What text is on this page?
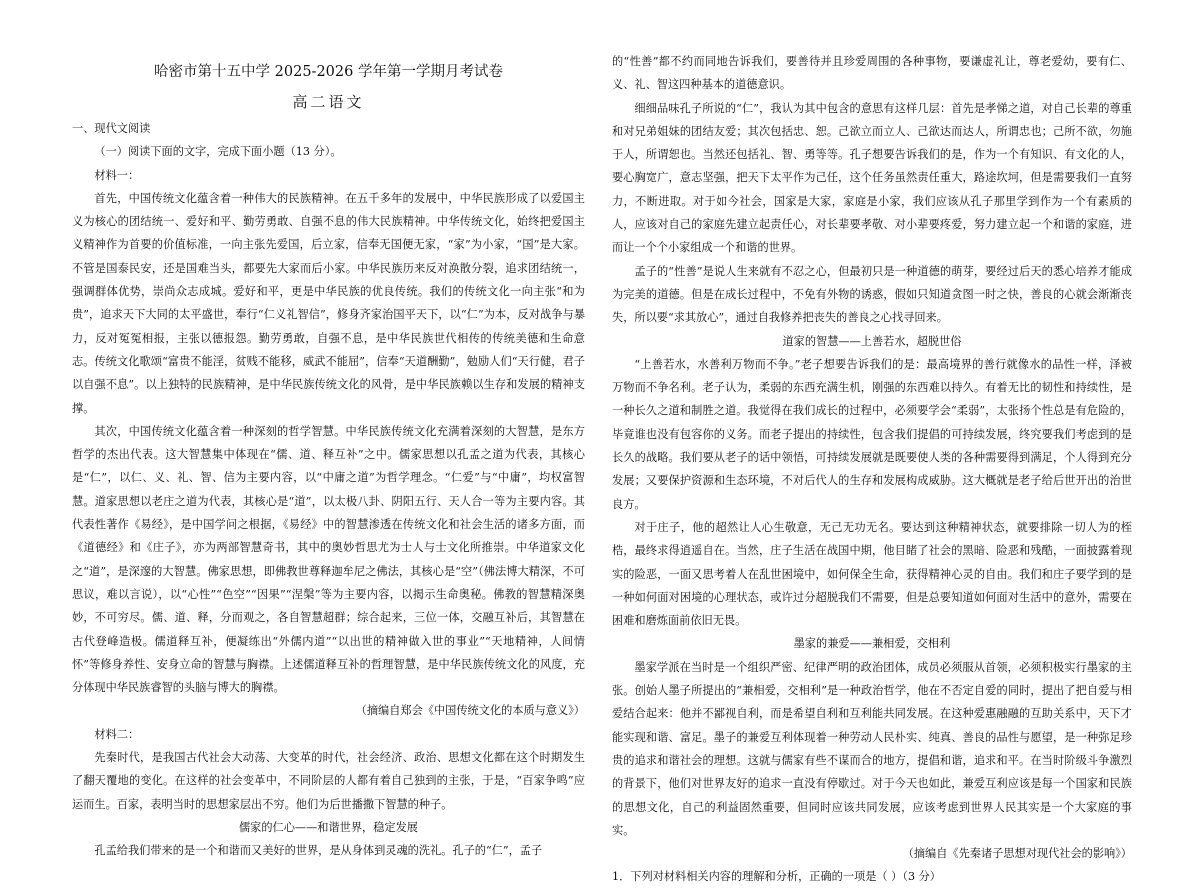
哈密市第十五中学 2025-2026 学年第一学期月考试卷
高二语文
一、现代文阅读

（一）阅读下面的文字，完成下面小题（13 分）。

材料一：

首先，中国传统文化蕴含着一种伟大的民族精神。在五千多年的发展中，中华民族形成了以爱国主义为核心的团结统一、爱好和平、勤劳勇敢、自强不息的伟大民族精神。中华传统文化，始终把爱国主义精神作为首要的价值标准，一向主张先爱国，后立家，信奉无国便无家，“家”为小家，“国”是大家。不管是国泰民安，还是国难当头，都要先大家而后小家。中华民族历来反对涣散分裂，追求团结统一，强调群体优势，崇尚众志成城。爱好和平，更是中华民族的优良传统。我们的传统文化一向主张“和为贵”，追求天下大同的太平盛世，奉行“仁义礼智信”，修身齐家治国平天下，以“仁”为本，反对战争与暴力，反对冤冤相报，主张以德报怨。勤劳勇敢，自强不息，是中华民族世代相传的传统美德和生命意志。传统文化歌颂“富贵不能淫，贫贱不能移，威武不能屈”，信奉“天道酬勤”，勉励人们“天行健，君子以自强不息”。以上独特的民族精神，是中华民族传统文化的风骨，是中华民族赖以生存和发展的精神支撑。

其次，中国传统文化蕴含着一种深刻的哲学智慧。中华民族传统文化充满着深刻的大智慧，是东方哲学的杰出代表。这大智慧集中体现在“儒、道、释互补”之中。儒家思想以孔孟之道为代表，其核心是“仁”，以仁、义、礼、智、信为主要内容，以“中庸之道”为哲学理念。“仁爱”与“中庸”，均权富智慧。道家思想以老庄之道为代表，其核心是“道”，以太极八卦、阴阳五行、天人合一等为主要内容。其代表性著作《易经》，是中国学问之根据，《易经》中的智慧渗透在传统文化和社会生活的诸多方面，而《道德经》和《庄子》，亦为两部智慧奇书，其中的奥妙哲思尤为士人与士文化所推崇。中华道家文化之“道”，是深邃的大智慧。佛家思想，即佛教世尊释迦牟尼之佛法，其核心是“空”（佛法博大精深，不可思议，难以言说），以“心性”“色空”“因果”“涅槃”等为主要内容，以揭示生命奥秘。佛教的智慧精深奥妙，不可穷尽。儒、道、释，分而观之，各自智慧超群；综合起来，三位一体，交融互补后，其智慧在古代登峰造极。儒道释互补，便凝练出“外儒内道”“以出世的精神做入世的事业”“天地精神，人间情怀”等修身养性、安身立命的智慧与胸襟。上述儒道释互补的哲理智慧，是中华民族传统文化的风度，充分体现中华民族睿智的头脑与博大的胸襟。

（摘编自郑会《中国传统文化的本质与意义》）

材料二：

先秦时代，是我国古代社会大动荡、大变革的时代，社会经济、政治、思想文化都在这个时期发生了翻天覆地的变化。在这样的社会变革中，不同阶层的人都有着自己独到的主张，于是，“百家争鸣”应运而生。百家，表明当时的思想家层出不穷。他们为后世播撒下智慧的种子。

儒家的仁心——和谐世界，稳定发展

孔孟给我们带来的是一个和谐而又美好的世界，是从身体到灵魂的洗礼。孔子的“仁”，孟子

的“性善”都不约而同地告诉我们，要善待并且珍爱周围的各种事物，要谦虚礼让，尊老爱幼，要有仁、义、礼、智这四种基本的道德意识。

细细品味孔子所说的“仁”，我认为其中包含的意思有这样几层：首先是孝悌之道，对自己长辈的尊重和对兄弟姐妹的团结友爱；其次包括忠、恕。己欲立而立人、己欲达而达人，所谓忠也；己所不欲，勿施于人，所谓恕也。当然还包括礼、智、勇等等。孔子想要告诉我们的是，作为一个有知识、有文化的人，要心胸宽广，意志坚强，把天下太平作为己任，这个任务虽然责任重大，路途坎坷，但是需要我们一直努力，不断进取。对于如今社会，国家是大家，家庭是小家，我们应该从孔子那里学到作为一个有素质的人，应该对自己的家庭先建立起责任心，对长辈要孝敬、对小辈要疼爱，努力建立起一个和谐的家庭，进而让一个个小家组成一个和谐的世界。

孟子的“性善”是说人生来就有不忍之心，但最初只是一种道德的萌芽，要经过后天的悉心培养才能成为完美的道德。但是在成长过程中，不免有外物的诱惑，假如只知道贪图一时之快，善良的心就会渐渐丧失，所以要“求其放心”，通过自我修养把丧失的善良之心找寻回来。

道家的智慧——上善若水，超脱世俗

“上善若水，水善利万物而不争。”老子想要告诉我们的是：最高境界的善行就像水的品性一样，泽被万物而不争名利。老子认为，柔弱的东西充满生机，刚强的东西难以持久。有着无比的韧性和持续性，是一种长久之道和制胜之道。我觉得在我们成长的过程中，必须要学会“柔弱”，太张扬个性总是有危险的，毕竟谁也没有包容你的义务。而老子提出的持续性，包含我们提倡的可持续发展，终究要我们考虑到的是长久的战略。我们要从老子的话中领悟，可持续发展就是既要使人类的各种需要得到满足，个人得到充分发展；又要保护资源和生态环境，不对后代人的生存和发展构成威胁。这大概就是老子给后世开出的治世良方。

对于庄子，他的超然让人心生敬意，无己无功无名。要达到这种精神状态，就要排除一切人为的桎梏，最终求得逍遥自在。当然，庄子生活在战国中期，他目睹了社会的黑暗、险恶和残酷，一面披露着现实的险恶，一面又思考着人在乱世困境中，如何保全生命，获得精神心灵的自由。我们和庄子要学到的是一种如何面对困境的心理状态，或许过分超脱我们不需要，但是总要知道如何面对生活中的意外，需要在困难和磨炼面前依旧无畏。

墨家的兼爱——兼相爱，交相利

墨家学派在当时是一个组织严密、纪律严明的政治团体，成员必须服从首领，必须积极实行墨家的主张。创始人墨子所提出的“兼相爱，交相利”是一种政治哲学，他在不否定自爱的同时，提出了把自爱与相爱结合起来：他并不鄙视自利，而是希望自利和互利能共同发展。在这种爱惠融融的互助关系中，天下才能实现和谐、富足。墨子的兼爱互利体现着一种劳动人民朴实、纯真、善良的品性与愿望，是一种弥足珍贵的追求和谐社会的理想。这就与儒家有些不谋而合的地方，提倡和谐，追求和平。在当时阶级斗争激烈的背景下，他们对世界友好的追求一直没有停歇过。对于今天也如此，兼爱互利应该是每一个国家和民族的思想文化，自己的利益固然重要，但同时应该共同发展，应该考虑到世界人民其实是一个大家庭的事实。

（摘编自《先秦诸子思想对现代社会的影响》）

1．下列对材料相关内容的理解和分析，正确的一项是（ ）（3 分）
